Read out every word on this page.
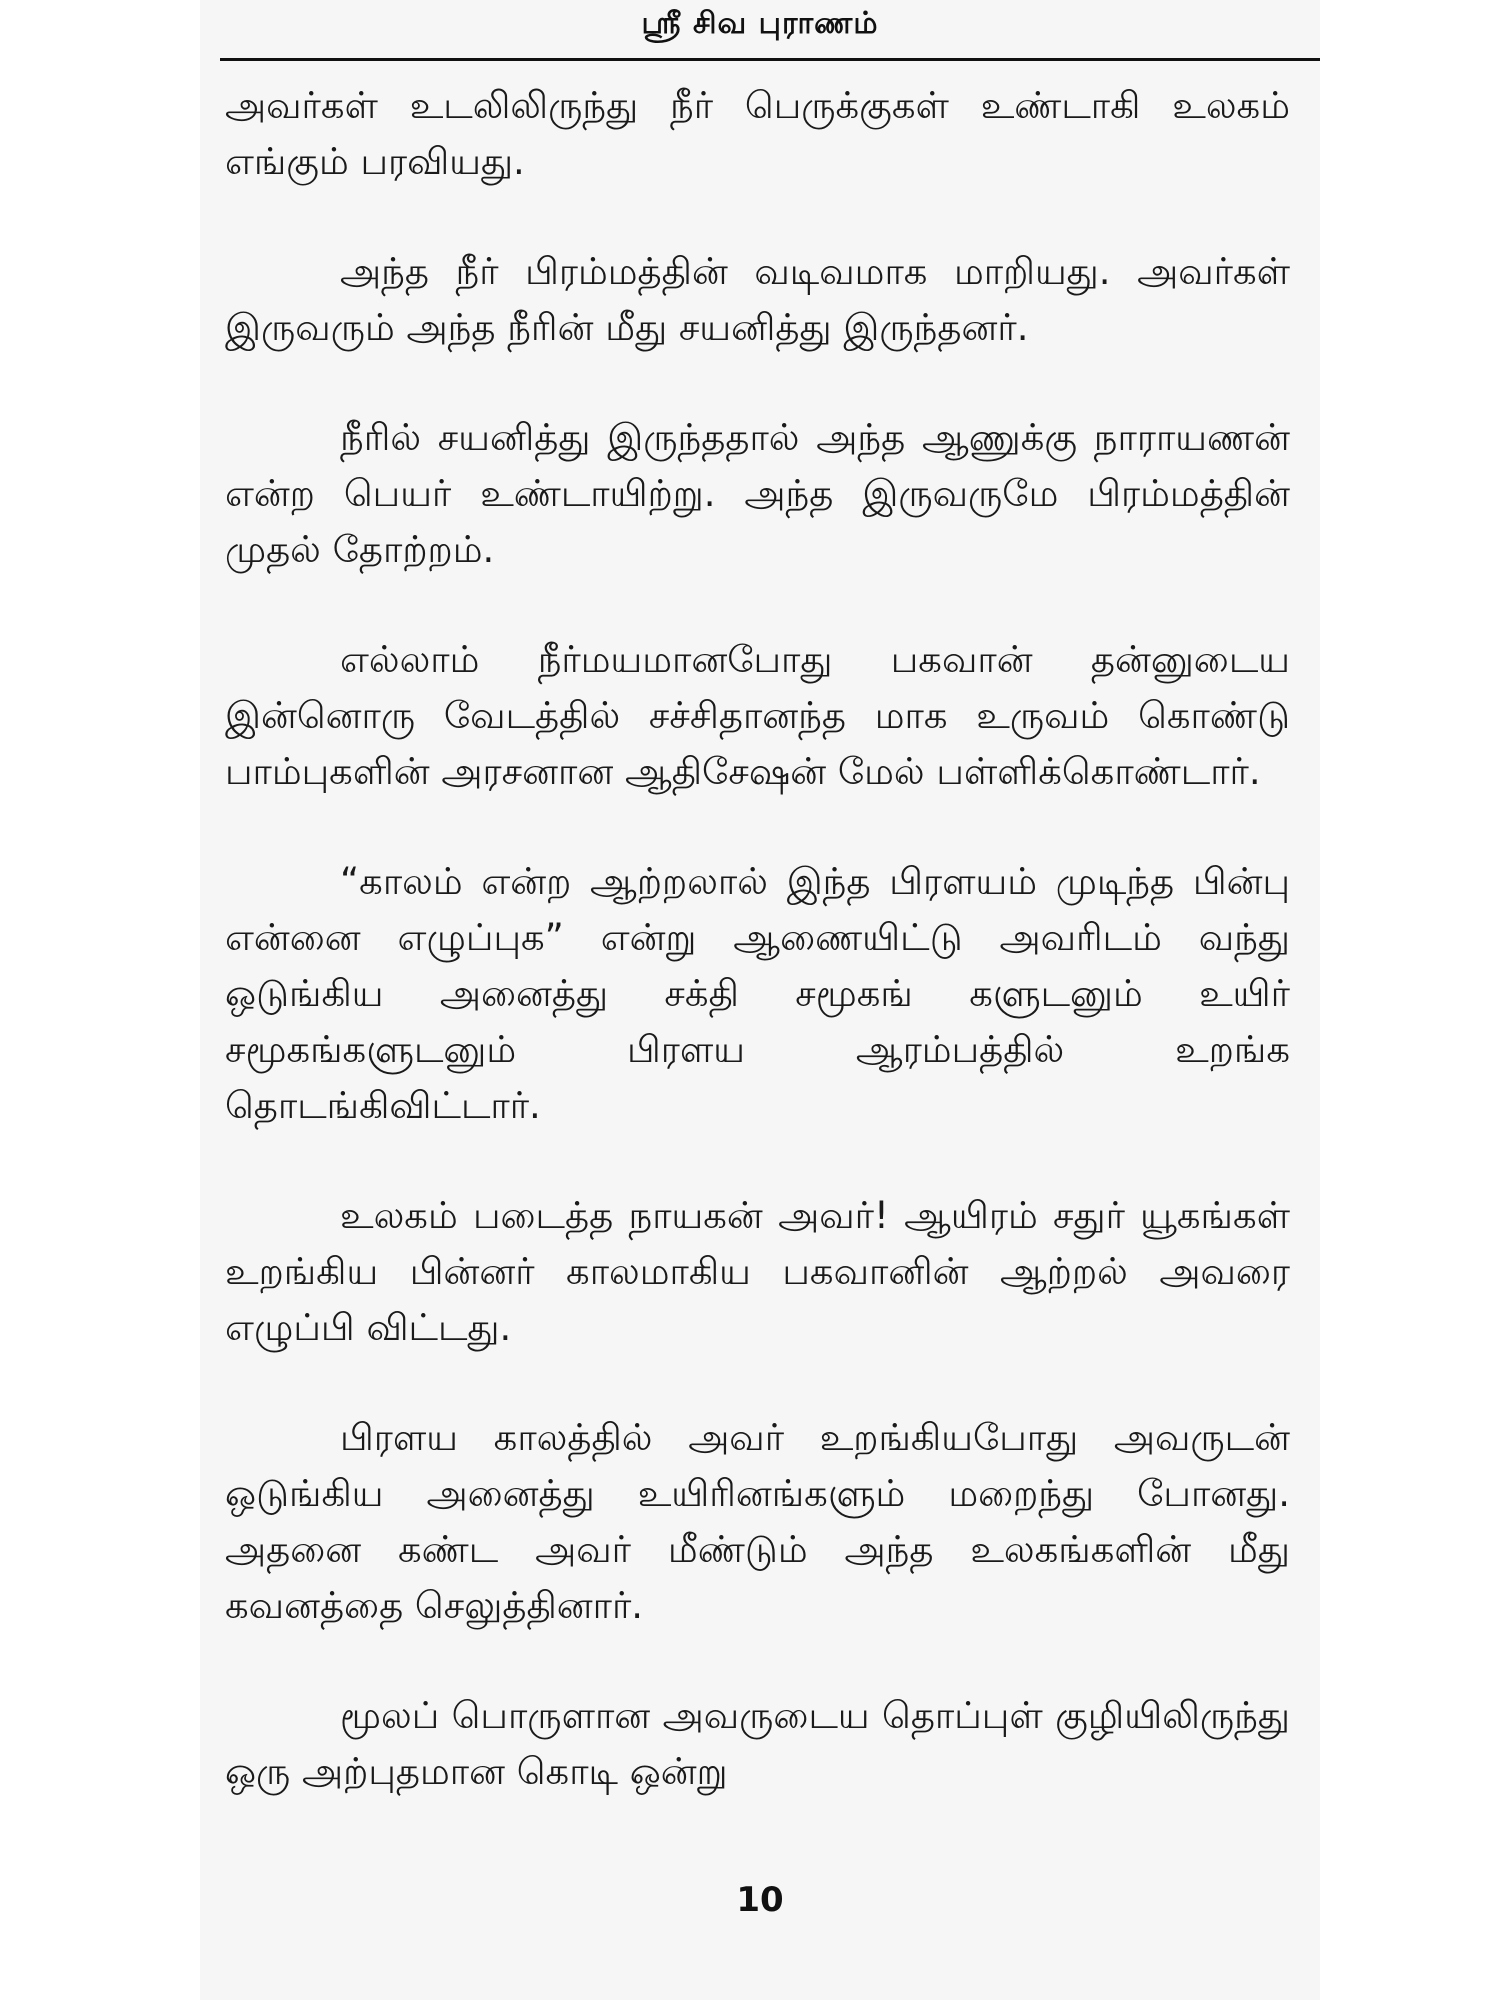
ஸ்ரீ சிவ புராணம்

அவர்கள் உடலிலிருந்து நீர் பெருக்குகள் உண்டாகி உலகம் எங்கும் பரவியது.

அந்த நீர் பிரம்மத்தின் வடிவமாக மாறியது. அவர்கள் இருவரும் அந்த நீரின் மீது சயனித்து இருந்தனர்.

நீரில் சயனித்து இருந்ததால் அந்த ஆணுக்கு நாராயணன் என்ற பெயர் உண்டாயிற்று. அந்த இருவருமே பிரம்மத்தின் முதல் தோற்றம்.

எல்லாம் நீர்மயமானபோது பகவான் தன்னுடைய இன்னொரு வேடத்தில் சச்சிதானந்த மாக உருவம் கொண்டு பாம்புகளின் அரசனான ஆதிசேஷன் மேல் பள்ளிக்கொண்டார்.

“காலம் என்ற ஆற்றலால் இந்த பிரளயம் முடிந்த பின்பு என்னை எழுப்புக” என்று ஆணையிட்டு அவரிடம் வந்து ஒடுங்கிய அனைத்து சக்தி சமூகங் களுடனும் உயிர் சமூகங்களுடனும் பிரளய ஆரம்பத்தில் உறங்க தொடங்கிவிட்டார்.

உலகம் படைத்த நாயகன் அவர்! ஆயிரம் சதுர் யூகங்கள் உறங்கிய பின்னர் காலமாகிய பகவானின் ஆற்றல் அவரை எழுப்பி விட்டது.

பிரளய காலத்தில் அவர் உறங்கியபோது அவருடன் ஒடுங்கிய அனைத்து உயிரினங்களும் மறைந்து போனது. அதனை கண்ட அவர் மீண்டும் அந்த உலகங்களின் மீது கவனத்தை செலுத்தினார்.

மூலப் பொருளான அவருடைய தொப்புள் குழியிலிருந்து ஒரு அற்புதமான கொடி ஒன்று

10
